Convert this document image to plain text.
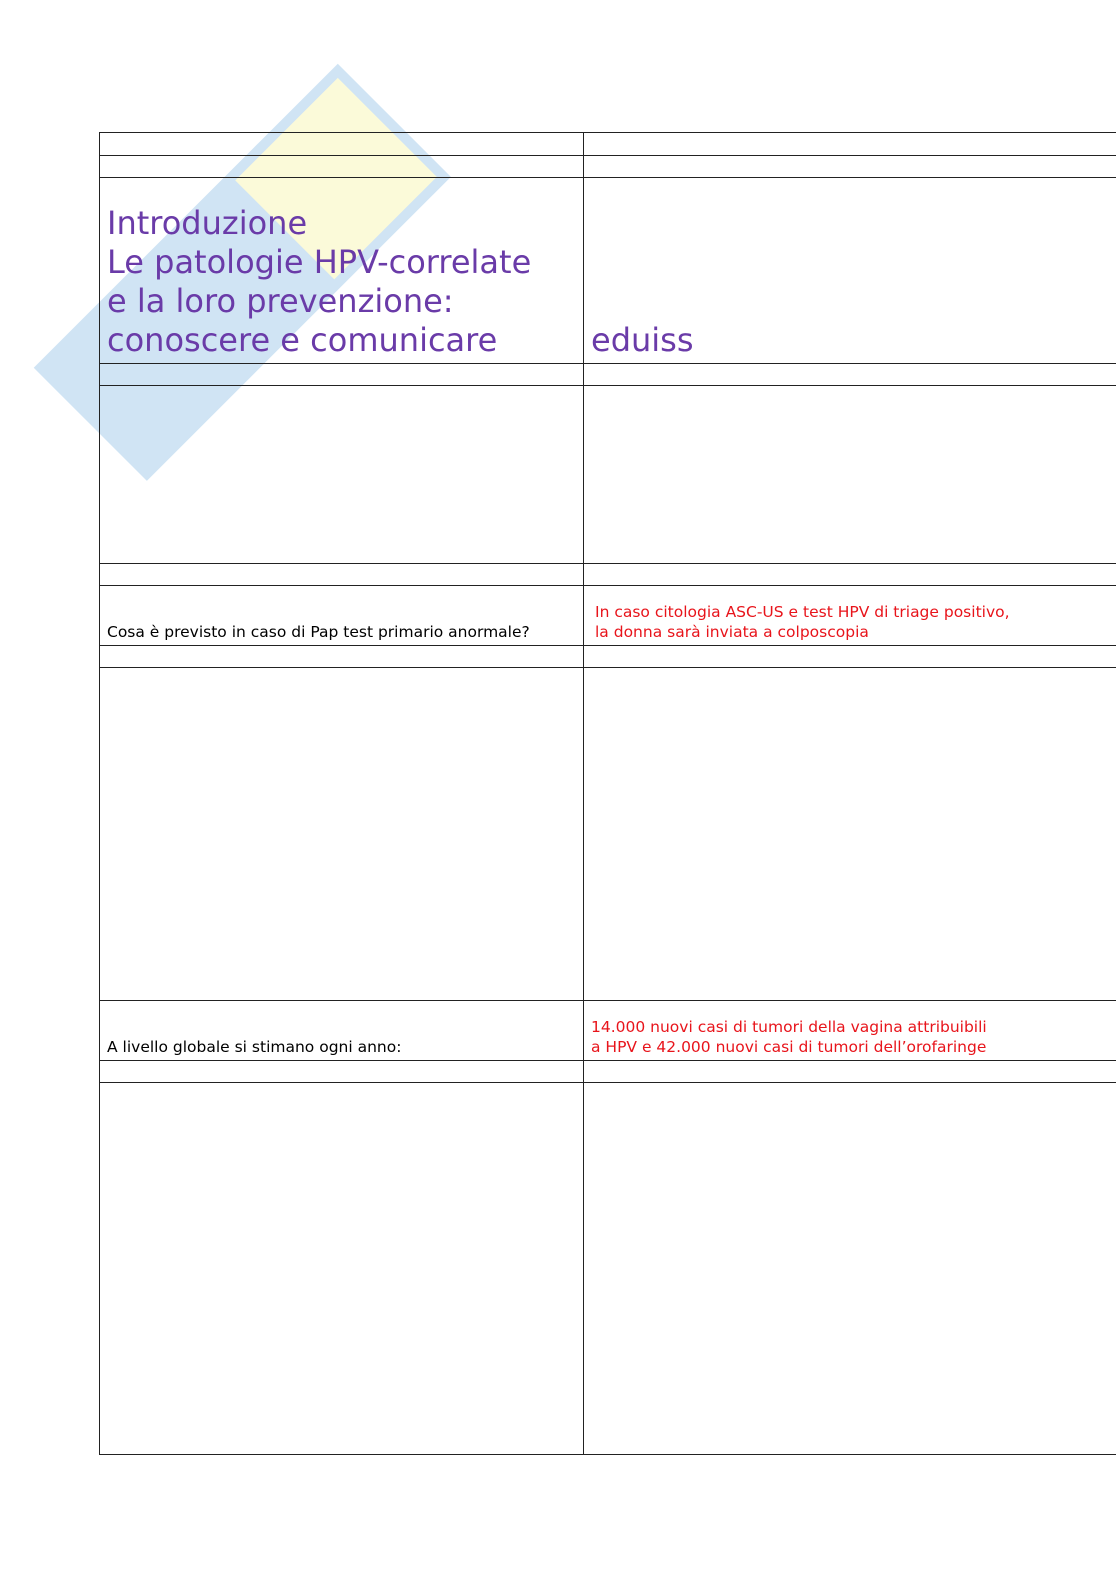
Introduzione
Le patologie HPV-correlate
e la loro prevenzione:
conoscere e comunicare	eduiss

Cosa è previsto in caso di Pap test primario anormale?	In caso citologia ASC-US e test HPV di triage positivo,
la donna sarà inviata a colposcopia

A livello globale si stimano ogni anno:	14.000 nuovi casi di tumori della vagina attribuibili
a HPV e 42.000 nuovi casi di tumori dell’orofaringe
